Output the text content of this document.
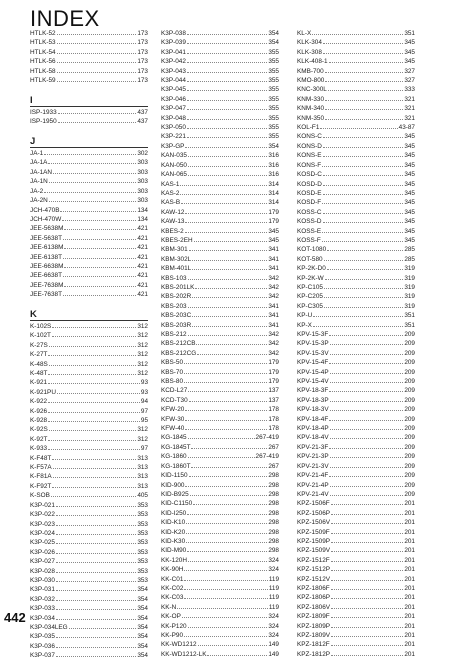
INDEX
HTLK-52	173
HTLK-53	173
HTLK-54	173
HTLK-56	173
HTLK-58	173
HTLK-59	173
I
ISP-1933	437
ISP-1950	437
J
JA-1	302
JA-1A	303
JA-1AN	303
JA-1N	303
JA-2	303
JA-2N	303
JCH-470B	134
JCH-470W	134
JEE-5638M	421
JEE-5638T	421
JEE-6138M	421
JEE-6138T	421
JEE-6638M	421
JEE-6638T	421
JEE-7638M	421
JEE-7638T	421
K
K-102S	312
K-102T	312
K-27S	312
K-27T	312
K-48S	312
K-48T	312
K-921	93
K-921PU	93
K-922	94
K-926	97
K-928	95
K-92S	312
K-92T	312
K-933	97
K-F48T	313
K-F57A	313
K-F81A	313
K-F92T	313
K-SOB	405
K3P-021	353
K3P-022	353
K3P-023	353
K3P-024	353
K3P-025	353
K3P-026	353
K3P-027	353
K3P-028	353
K3P-030	353
K3P-031	354
K3P-032	354
K3P-033	354
K3P-034	354
K3P-034LEG	354
K3P-035	354
K3P-036	354
K3P-037	354
K3P-038	354
K3P-039	354
K3P-041	355
K3P-042	355
K3P-043	355
K3P-044	355
K3P-045	355
K3P-046	355
K3P-047	355
K3P-048	355
K3P-050	355
K3P-221	355
K3P-GP	354
KAN-035	316
KAN-050	316
KAN-065	316
KAS-1	314
KAS-2	314
KAS-B	314
KAW-12	179
KAW-13	179
KBES-2	345
KBES-2EH	345
KBM-301	341
KBM-302L	341
KBM-401L	341
KBS-103	342
KBS-201LK	342
KBS-202R	342
KBS-203	341
KBS-203C	341
KBS-203R	341
KBS-212	342
KBS-212CB	342
KBS-212CG	342
KBS-50	179
KBS-70	179
KBS-80	179
KCD-L27	137
KCD-T30	137
KFW-20	178
KFW-30	178
KFW-40	178
KG-1845	267-419
KG-1845T	267
KG-1860	267-419
KG-1860T	267
KID-1150	298
KID-900	298
KID-B925	298
KID-C1150	298
KID-I250	298
KID-K10	298
KID-K20	298
KID-K30	298
KID-M90	298
KK-120H	324
KK-90H	324
KK-C01	119
KK-C02	119
KK-C03	119
KK-N	119
KK-OP	324
KK-P120	324
KK-P90	324
KK-WD1212	149
KK-WD1212-LK	149
KL-X	351
KLK-304	345
KLK-308	345
KLK-408-1	345
KMB-700	327
KMO-800	327
KNC-300L	333
KNM-330	321
KNM-340	321
KNM-350	321
KOL-F1	43-87
KONS-C	345
KONS-D	345
KONS-E	345
KONS-F	345
KOSD-C	345
KOSD-D	345
KOSD-E	345
KOSD-F	345
KOSS-C	345
KOSS-D	345
KOSS-E	345
KOSS-F	345
KOT-1080	285
KOT-580	285
KP-2K-D0	319
KP-2K-W	319
KP-C105	319
KP-C205	319
KP-C305	319
KP-U	351
KP-X	351
KPV-15-3F	209
KPV-15-3P	209
KPV-15-3V	209
KPV-15-4F	209
KPV-15-4P	209
KPV-15-4V	209
KPV-18-3F	209
KPV-18-3P	209
KPV-18-3V	209
KPV-18-4F	209
KPV-18-4P	209
KPV-18-4V	209
KPV-21-3F	209
KPV-21-3P	209
KPV-21-3V	209
KPV-21-4F	209
KPV-21-4P	209
KPV-21-4V	209
KPZ-1506F	201
KPZ-1506P	201
KPZ-1506V	201
KPZ-1509F	201
KPZ-1509P	201
KPZ-1509V	201
KPZ-1512F	201
KPZ-1512P	201
KPZ-1512V	201
KPZ-1806F	201
KPZ-1806P	201
KPZ-1806V	201
KPZ-1809F	201
KPZ-1809P	201
KPZ-1809V	201
KPZ-1812F	201
KPZ-1812P	201
442
